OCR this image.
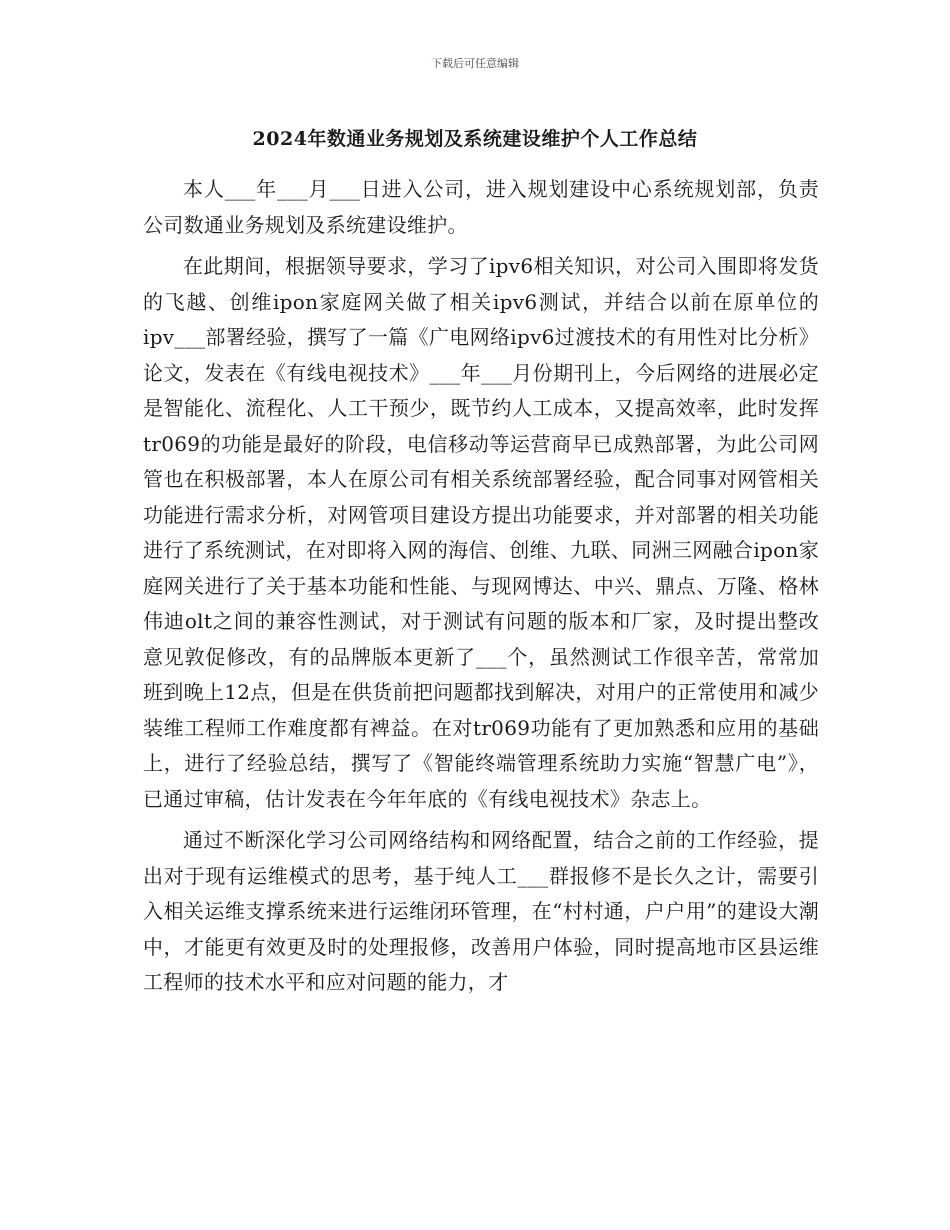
下载后可任意编辑
2024年数通业务规划及系统建设维护个人工作总结

本人___年___月___日进入公司，进入规划建设中心系统规划部，负责公司数通业务规划及系统建设维护。

在此期间，根据领导要求，学习了ipv6相关知识，对公司入围即将发货的飞越、创维ipon家庭网关做了相关ipv6测试，并结合以前在原单位的ipv___部署经验，撰写了一篇《广电网络ipv6过渡技术的有用性对比分析》论文，发表在《有线电视技术》___年___月份期刊上，今后网络的进展必定是智能化、流程化、人工干预少，既节约人工成本，又提高效率，此时发挥tr069的功能是最好的阶段，电信移动等运营商早已成熟部署，为此公司网管也在积极部署，本人在原公司有相关系统部署经验，配合同事对网管相关功能进行需求分析，对网管项目建设方提出功能要求，并对部署的相关功能进行了系统测试，在对即将入网的海信、创维、九联、同洲三网融合ipon家庭网关进行了关于基本功能和性能、与现网博达、中兴、鼎点、万隆、格林伟迪olt之间的兼容性测试，对于测试有问题的版本和厂家，及时提出整改意见敦促修改，有的品牌版本更新了___个，虽然测试工作很辛苦，常常加班到晚上12点，但是在供货前把问题都找到解决，对用户的正常使用和减少装维工程师工作难度都有裨益。在对tr069功能有了更加熟悉和应用的基础上，进行了经验总结，撰写了《智能终端管理系统助力实施“智慧广电”》，已通过审稿，估计发表在今年年底的《有线电视技术》杂志上。

通过不断深化学习公司网络结构和网络配置，结合之前的工作经验，提出对于现有运维模式的思考，基于纯人工___群报修不是长久之计，需要引入相关运维支撑系统来进行运维闭环管理，在“村村通，户户用”的建设大潮中，才能更有效更及时的处理报修，改善用户体验，同时提高地市区县运维工程师的技术水平和应对问题的能力，才
